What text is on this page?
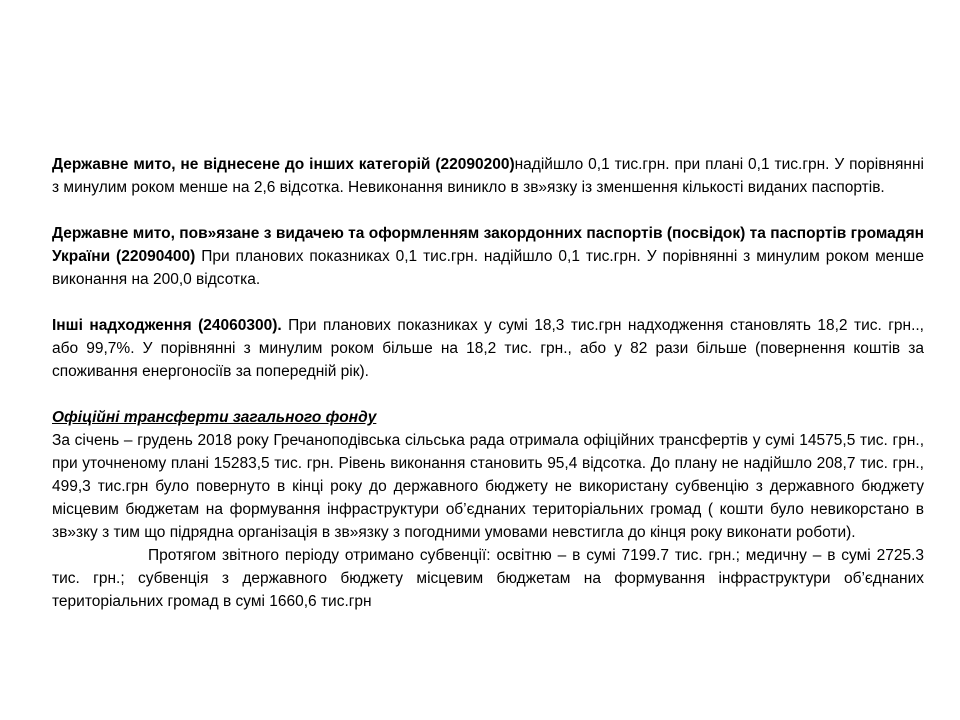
Державне мито, не віднесене до інших категорій (22090200)надійшло 0,1 тис.грн. при плані 0,1 тис.грн. У порівнянні з минулим роком менше на 2,6 відсотка. Невиконання виникло в зв»язку із зменшення кількості виданих паспортів.

Державне мито, пов»язане з видачею та оформленням закордонних паспортів (посвідок) та паспортів громадян України (22090400) При планових показниках 0,1 тис.грн. надійшло 0,1 тис.грн. У порівнянні з минулим роком менше виконання на 200,0 відсотка.

Інші надходження (24060300). При планових показниках у сумі 18,3 тис.грн надходження становлять 18,2 тис. грн.., або 99,7%. У порівнянні з минулим роком більше на 18,2 тис. грн., або у 82 рази більше (повернення коштів за споживання енергоносіїв за попередній рік).

Офіційні трансферти загального фонду

За січень – грудень 2018 року Гречаноподівська сільська рада отримала офіційних трансфертів у сумі 14575,5 тис. грн., при уточненому плані 15283,5 тис. грн. Рівень виконання становить 95,4 відсотка. До плану не надійшло 208,7 тис. грн., 499,3 тис.грн було повернуто в кінці року до державного бюджету не використану субвенцію з державного бюджету місцевим бюджетам на формування інфраструктури об’єднаних територіальних громад ( кошти було невикорстано в зв»зку з тим що підрядна організація в зв»язку з погодними умовами невстигла до кінця року виконати роботи).

Протягом звітного періоду отримано субвенції: освітню – в сумі 7199.7 тис. грн.; медичну – в сумі 2725.3 тис. грн.; субвенція з державного бюджету місцевим бюджетам на формування інфраструктури об’єднаних територіальних громад в сумі 1660,6 тис.грн
